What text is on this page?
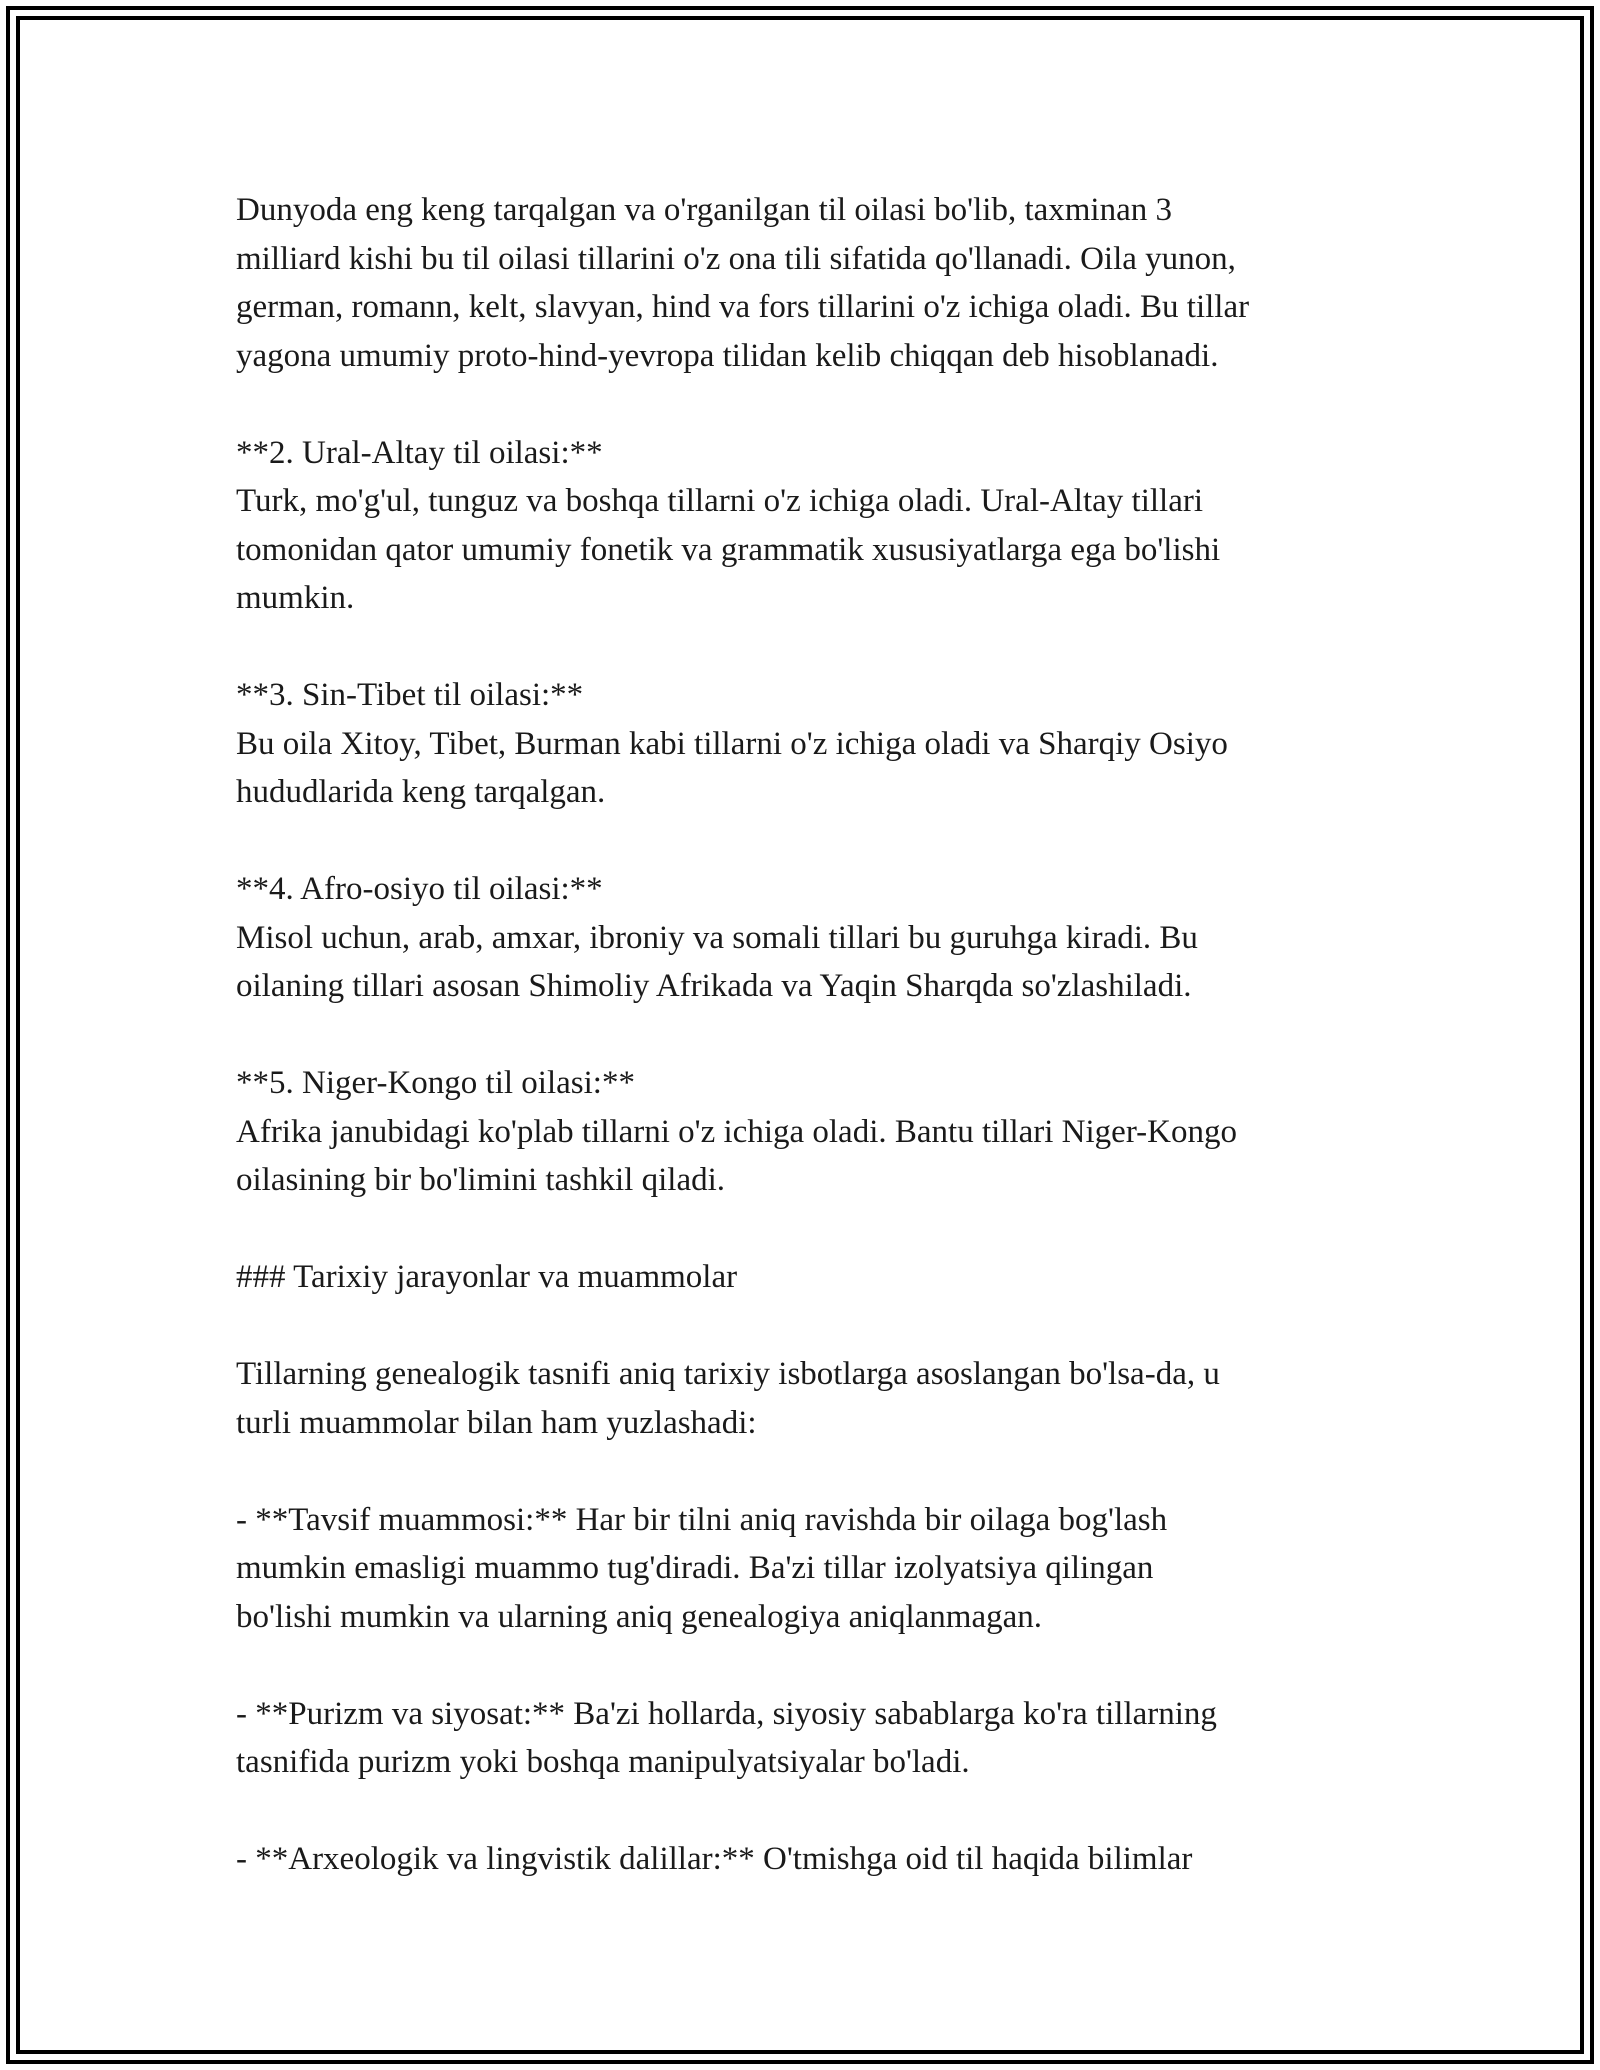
Dunyoda eng keng tarqalgan va o'rganilgan til oilasi bo'lib, taxminan 3
milliard kishi bu til oilasi tillarini o'z ona tili sifatida qo'llanadi. Oila yunon,
german, romann, kelt, slavyan, hind va fors tillarini o'z ichiga oladi. Bu tillar
yagona umumiy proto-hind-yevropa tilidan kelib chiqqan deb hisoblanadi.

**2. Ural-Altay til oilasi:**
Turk, mo'g'ul, tunguz va boshqa tillarni o'z ichiga oladi. Ural-Altay tillari
tomonidan qator umumiy fonetik va grammatik xususiyatlarga ega bo'lishi
mumkin.

**3. Sin-Tibet til oilasi:**
Bu oila Xitoy, Tibet, Burman kabi tillarni o'z ichiga oladi va Sharqiy Osiyo
hududlarida keng tarqalgan.

**4. Afro-osiyo til oilasi:**
Misol uchun, arab, amxar, ibroniy va somali tillari bu guruhga kiradi. Bu
oilaning tillari asosan Shimoliy Afrikada va Yaqin Sharqda so'zlashiladi.

**5. Niger-Kongo til oilasi:**
Afrika janubidagi ko'plab tillarni o'z ichiga oladi. Bantu tillari Niger-Kongo
oilasining bir bo'limini tashkil qiladi.

### Tarixiy jarayonlar va muammolar

Tillarning genealogik tasnifi aniq tarixiy isbotlarga asoslangan bo'lsa-da, u
turli muammolar bilan ham yuzlashadi:

- **Tavsif muammosi:** Har bir tilni aniq ravishda bir oilaga bog'lash
mumkin emasligi muammo tug'diradi. Ba'zi tillar izolyatsiya qilingan
bo'lishi mumkin va ularning aniq genealogiya aniqlanmagan.

- **Purizm va siyosat:** Ba'zi hollarda, siyosiy sabablarga ko'ra tillarning
tasnifida purizm yoki boshqa manipulyatsiyalar bo'ladi.

- **Arxeologik va lingvistik dalillar:** O'tmishga oid til haqida bilimlar
